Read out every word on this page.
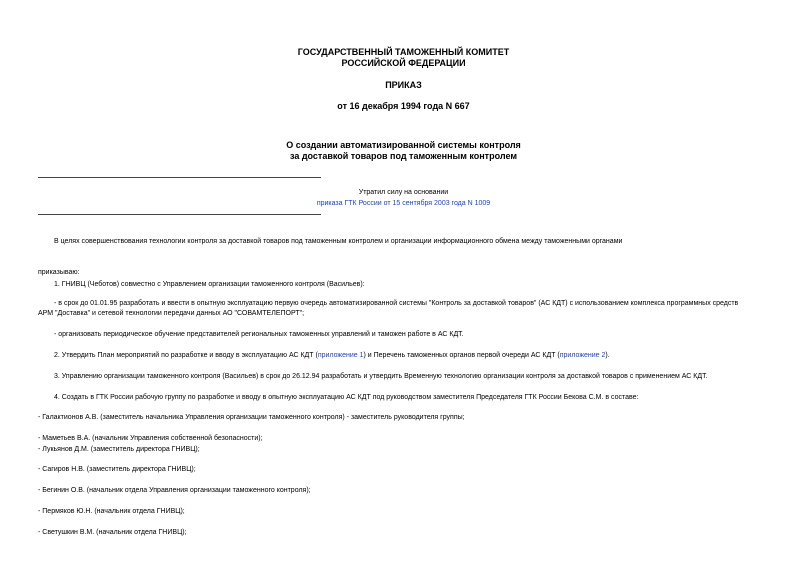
ГОСУДАРСТВЕННЫЙ ТАМОЖЕННЫЙ КОМИТЕТ
РОССИЙСКОЙ ФЕДЕРАЦИИ
ПРИКАЗ
от 16 декабря 1994 года N 667
О создании автоматизированной системы контроля
за доставкой товаров под таможенным контролем
Утратил силу на основании
приказа ГТК России от 15 сентября 2003 года N 1009
В целях совершенствования технологии контроля за доставкой товаров под таможенным контролем и организации информационного обмена между таможенными органами
приказываю:
1. ГНИВЦ (Чеботов) совместно с Управлением организации таможенного контроля (Васильев):
- в срок до 01.01.95 разработать и ввести в опытную эксплуатацию первую очередь автоматизированной системы "Контроль за доставкой товаров" (АС КДТ) с использованием комплекса программных средств
АРМ "Доставка" и сетевой технологии передачи данных АО "СОВАМТЕЛЕПОРТ";
- организовать периодическое обучение представителей региональных таможенных управлений и таможен работе в АС КДТ.
2. Утвердить План мероприятий по разработке и вводу в эксплуатацию АС КДТ (приложение 1) и Перечень таможенных органов первой очереди АС КДТ (приложение 2).
3. Управлению организации таможенного контроля (Васильев) в срок до 26.12.94 разработать и утвердить Временную технологию организации контроля за доставкой товаров с применением АС КДТ.
4. Создать в ГТК России рабочую группу по разработке и вводу в опытную эксплуатацию АС КДТ под руководством заместителя Председателя ГТК России Бекова С.М. в составе:
- Галактионов А.В. (заместитель начальника Управления организации таможенного контроля) - заместитель руководителя группы;
- Маметьев В.А. (начальник Управления собственной безопасности);
- Лукьянов Д.М. (заместитель директора ГНИВЦ);
- Сагиров Н.В. (заместитель директора ГНИВЦ);
- Бегинин О.В. (начальник отдела Управления организации таможенного контроля);
- Пермяков Ю.Н. (начальник отдела ГНИВЦ);
- Светушкин В.М. (начальник отдела ГНИВЦ);
